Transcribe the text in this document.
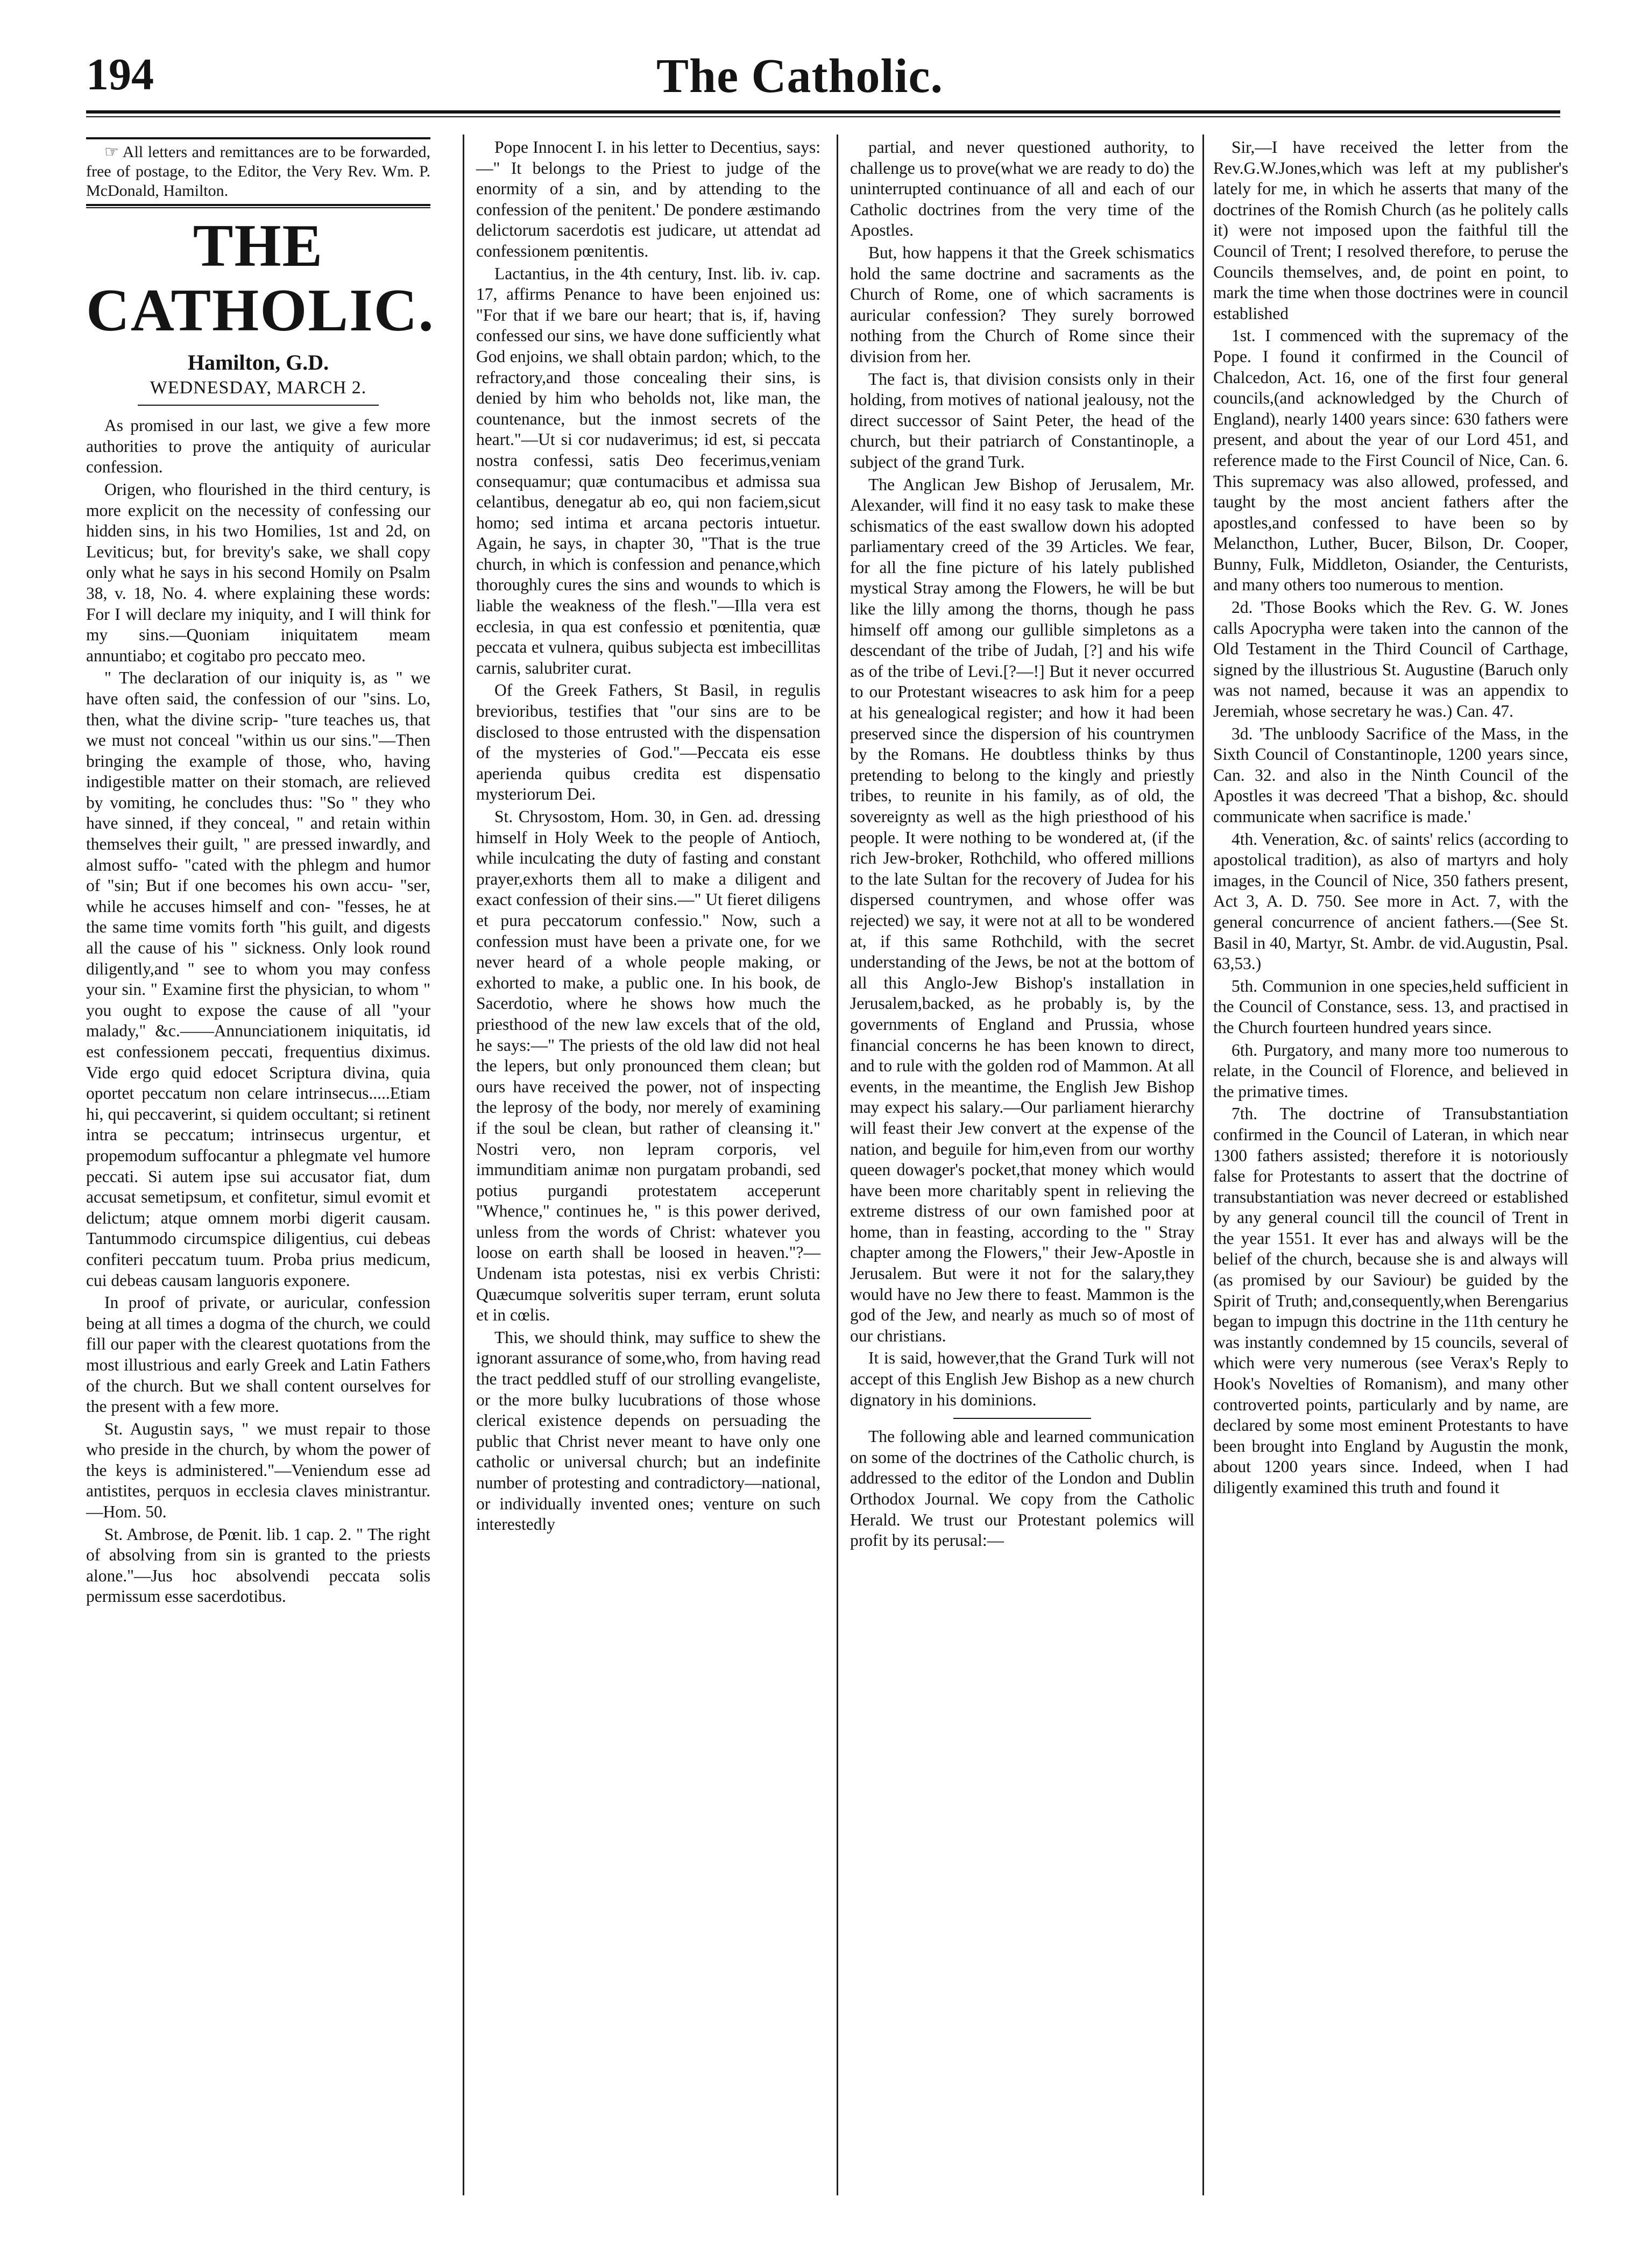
194	The Catholic.

☞ All letters and remittances are to be forwarded, free of postage, to the Editor, the Very Rev. Wm. P. McDonald, Hamilton.

THE CATHOLIC.
Hamilton, G.D.
WEDNESDAY, MARCH 2.

As promised in our last, we give a few more authorities to prove the antiquity of auricular confession.

Origen, who flourished in the third century, is more explicit on the necessity of confessing our hidden sins, in his two Homilies, 1st and 2d, on Leviticus; but, for brevity's sake, we shall copy only what he says in his second Homily on Psalm 38, v. 18, No. 4. where explaining these words: For I will declare my iniquity, and I will think for my sins.—Quoniam iniquitatem meam annuntiabo; et cogitabo pro peccato meo.

" The declaration of our iniquity is, as " we have often said, the confession of our "sins. Lo, then, what the divine scrip- "ture teaches us, that we must not conceal "within us our sins."—Then bringing the example of those, who, having indigestible matter on their stomach, are relieved by vomiting, he concludes thus: "So " they who have sinned, if they conceal, " and retain within themselves their guilt, " are pressed inwardly, and almost suffo- "cated with the phlegm and humor of "sin; But if one becomes his own accu- "ser, while he accuses himself and con- "fesses, he at the same time vomits forth "his guilt, and digests all the cause of his " sickness. Only look round diligently,and " see to whom you may confess your sin. " Examine first the physician, to whom " you ought to expose the cause of all "your malady," &c.——Annunciationem iniquitatis, id est confessionem peccati, frequentius diximus. Vide ergo quid edocet Scriptura divina, quia oportet peccatum non celare intrinsecus.....Etiam hi, qui peccaverint, si quidem occultant; si retinent intra se peccatum; intrinsecus urgentur, et propemodum suffocantur a phlegmate vel humore peccati. Si autem ipse sui accusator fiat, dum accusat semetipsum, et confitetur, simul evomit et delictum; atque omnem morbi digerit causam. Tantummodo circumspice diligentius, cui debeas confiteri peccatum tuum. Proba prius medicum, cui debeas causam languoris exponere.

In proof of private, or auricular, confession being at all times a dogma of the church, we could fill our paper with the clearest quotations from the most illustrious and early Greek and Latin Fathers of the church. But we shall content ourselves for the present with a few more.

St. Augustin says, " we must repair to those who preside in the church, by whom the power of the keys is administered."—Veniendum esse ad antistites, perquos in ecclesia claves ministrantur.—Hom. 50.

St. Ambrose, de Pœnit. lib. 1 cap. 2. " The right of absolving from sin is granted to the priests alone."—Jus hoc absolvendi peccata solis permissum esse sacerdotibus.

Pope Innocent I. in his letter to Decentius, says:—" It belongs to the Priest to judge of the enormity of a sin, and by attending to the confession of the penitent.' De pondere æstimando delictorum sacerdotis est judicare, ut attendat ad confessionem pœnitentis.

Lactantius, in the 4th century, Inst. lib. iv. cap. 17, affirms Penance to have been enjoined us: "For that if we bare our heart; that is, if, having confessed our sins, we have done sufficiently what God enjoins, we shall obtain pardon; which, to the refractory,and those concealing their sins, is denied by him who beholds not, like man, the countenance, but the inmost secrets of the heart."—Ut si cor nudaverimus; id est, si peccata nostra confessi, satis Deo fecerimus,veniam consequamur; quæ contumacibus et admissa sua celantibus, denegatur ab eo, qui non faciem,sicut homo; sed intima et arcana pectoris intuetur. Again, he says, in chapter 30, "That is the true church, in which is confession and penance,which thoroughly cures the sins and wounds to which is liable the weakness of the flesh."—Illa vera est ecclesia, in qua est confessio et pœnitentia, quæ peccata et vulnera, quibus subjecta est imbecillitas carnis, salubriter curat.

Of the Greek Fathers, St Basil, in regulis brevioribus, testifies that "our sins are to be disclosed to those entrusted with the dispensation of the mysteries of God."—Peccata eis esse aperienda quibus credita est dispensatio mysteriorum Dei.

St. Chrysostom, Hom. 30, in Gen. ad. dressing himself in Holy Week to the people of Antioch, while inculcating the duty of fasting and constant prayer,exhorts them all to make a diligent and exact confession of their sins.—" Ut fieret diligens et pura peccatorum confessio." Now, such a confession must have been a private one, for we never heard of a whole people making, or exhorted to make, a public one. In his book, de Sacerdotio, where he shows how much the priesthood of the new law excels that of the old, he says:—" The priests of the old law did not heal the lepers, but only pronounced them clean; but ours have received the power, not of inspecting the leprosy of the body, nor merely of examining if the soul be clean, but rather of cleansing it." Nostri vero, non lepram corporis, vel immunditiam animæ non purgatam probandi, sed potius purgandi protestatem acceperunt "Whence," continues he, " is this power derived, unless from the words of Christ: whatever you loose on earth shall be loosed in heaven."?—Undenam ista potestas, nisi ex verbis Christi: Quæcumque solveritis super terram, erunt soluta et in cœlis.

This, we should think, may suffice to shew the ignorant assurance of some,who, from having read the tract peddled stuff of our strolling evangeliste, or the more bulky lucubrations of those whose clerical existence depends on persuading the public that Christ never meant to have only one catholic or universal church; but an indefinite number of protesting and contradictory—national, or individually invented ones; venture on such interestedly

partial, and never questioned authority, to challenge us to prove(what we are ready to do) the uninterrupted continuance of all and each of our Catholic doctrines from the very time of the Apostles.

But, how happens it that the Greek schismatics hold the same doctrine and sacraments as the Church of Rome, one of which sacraments is auricular confession? They surely borrowed nothing from the Church of Rome since their division from her.

The fact is, that division consists only in their holding, from motives of national jealousy, not the direct successor of Saint Peter, the head of the church, but their patriarch of Constantinople, a subject of the grand Turk.

The Anglican Jew Bishop of Jerusalem, Mr. Alexander, will find it no easy task to make these schismatics of the east swallow down his adopted parliamentary creed of the 39 Articles. We fear, for all the fine picture of his lately published mystical Stray among the Flowers, he will be but like the lilly among the thorns, though he pass himself off among our gullible simpletons as a descendant of the tribe of Judah, [?] and his wife as of the tribe of Levi.[?—!] But it never occurred to our Protestant wiseacres to ask him for a peep at his genealogical register; and how it had been preserved since the dispersion of his countrymen by the Romans. He doubtless thinks by thus pretending to belong to the kingly and priestly tribes, to reunite in his family, as of old, the sovereignty as well as the high priesthood of his people. It were nothing to be wondered at, (if the rich Jew-broker, Rothchild, who offered millions to the late Sultan for the recovery of Judea for his dispersed countrymen, and whose offer was rejected) we say, it were not at all to be wondered at, if this same Rothchild, with the secret understanding of the Jews, be not at the bottom of all this Anglo-Jew Bishop's installation in Jerusalem,backed, as he probably is, by the governments of England and Prussia, whose financial concerns he has been known to direct, and to rule with the golden rod of Mammon. At all events, in the meantime, the English Jew Bishop may expect his salary.—Our parliament hierarchy will feast their Jew convert at the expense of the nation, and beguile for him,even from our worthy queen dowager's pocket,that money which would have been more charitably spent in relieving the extreme distress of our own famished poor at home, than in feasting, according to the " Stray chapter among the Flowers," their Jew-Apostle in Jerusalem. But were it not for the salary,they would have no Jew there to feast. Mammon is the god of the Jew, and nearly as much so of most of our christians.

It is said, however,that the Grand Turk will not accept of this English Jew Bishop as a new church dignatory in his dominions.

The following able and learned communication on some of the doctrines of the Catholic church, is addressed to the editor of the London and Dublin Orthodox Journal. We copy from the Catholic Herald. We trust our Protestant polemics will profit by its perusal:—

Sir,—I have received the letter from the Rev.G.W.Jones,which was left at my publisher's lately for me, in which he asserts that many of the doctrines of the Romish Church (as he politely calls it) were not imposed upon the faithful till the Council of Trent; I resolved therefore, to peruse the Councils themselves, and, de point en point, to mark the time when those doctrines were in council established

1st. I commenced with the supremacy of the Pope. I found it confirmed in the Council of Chalcedon, Act. 16, one of the first four general councils,(and acknowledged by the Church of England), nearly 1400 years since: 630 fathers were present, and about the year of our Lord 451, and reference made to the First Council of Nice, Can. 6. This supremacy was also allowed, professed, and taught by the most ancient fathers after the apostles,and confessed to have been so by Melancthon, Luther, Bucer, Bilson, Dr. Cooper, Bunny, Fulk, Middleton, Osiander, the Centurists, and many others too numerous to mention.

2d. 'Those Books which the Rev. G. W. Jones calls Apocrypha were taken into the cannon of the Old Testament in the Third Council of Carthage, signed by the illustrious St. Augustine (Baruch only was not named, because it was an appendix to Jeremiah, whose secretary he was.) Can. 47.

3d. 'The unbloody Sacrifice of the Mass, in the Sixth Council of Constantinople, 1200 years since, Can. 32. and also in the Ninth Council of the Apostles it was decreed 'That a bishop, &c. should communicate when sacrifice is made.'

4th. Veneration, &c. of saints' relics (according to apostolical tradition), as also of martyrs and holy images, in the Council of Nice, 350 fathers present, Act 3, A. D. 750. See more in Act. 7, with the general concurrence of ancient fathers.—(See St. Basil in 40, Martyr, St. Ambr. de vid.Augustin, Psal. 63,53.)

5th. Communion in one species,held sufficient in the Council of Constance, sess. 13, and practised in the Church fourteen hundred years since.

6th. Purgatory, and many more too numerous to relate, in the Council of Florence, and believed in the primative times.

7th. The doctrine of Transubstantiation confirmed in the Council of Lateran, in which near 1300 fathers assisted; therefore it is notoriously false for Protestants to assert that the doctrine of transubstantiation was never decreed or established by any general council till the council of Trent in the year 1551. It ever has and always will be the belief of the church, because she is and always will (as promised by our Saviour) be guided by the Spirit of Truth; and,consequently,when Berengarius began to impugn this doctrine in the 11th century he was instantly condemned by 15 councils, several of which were very numerous (see Verax's Reply to Hook's Novelties of Romanism), and many other controverted points, particularly and by name, are declared by some most eminent Protestants to have been brought into England by Augustin the monk, about 1200 years since. Indeed, when I had diligently examined this truth and found it
